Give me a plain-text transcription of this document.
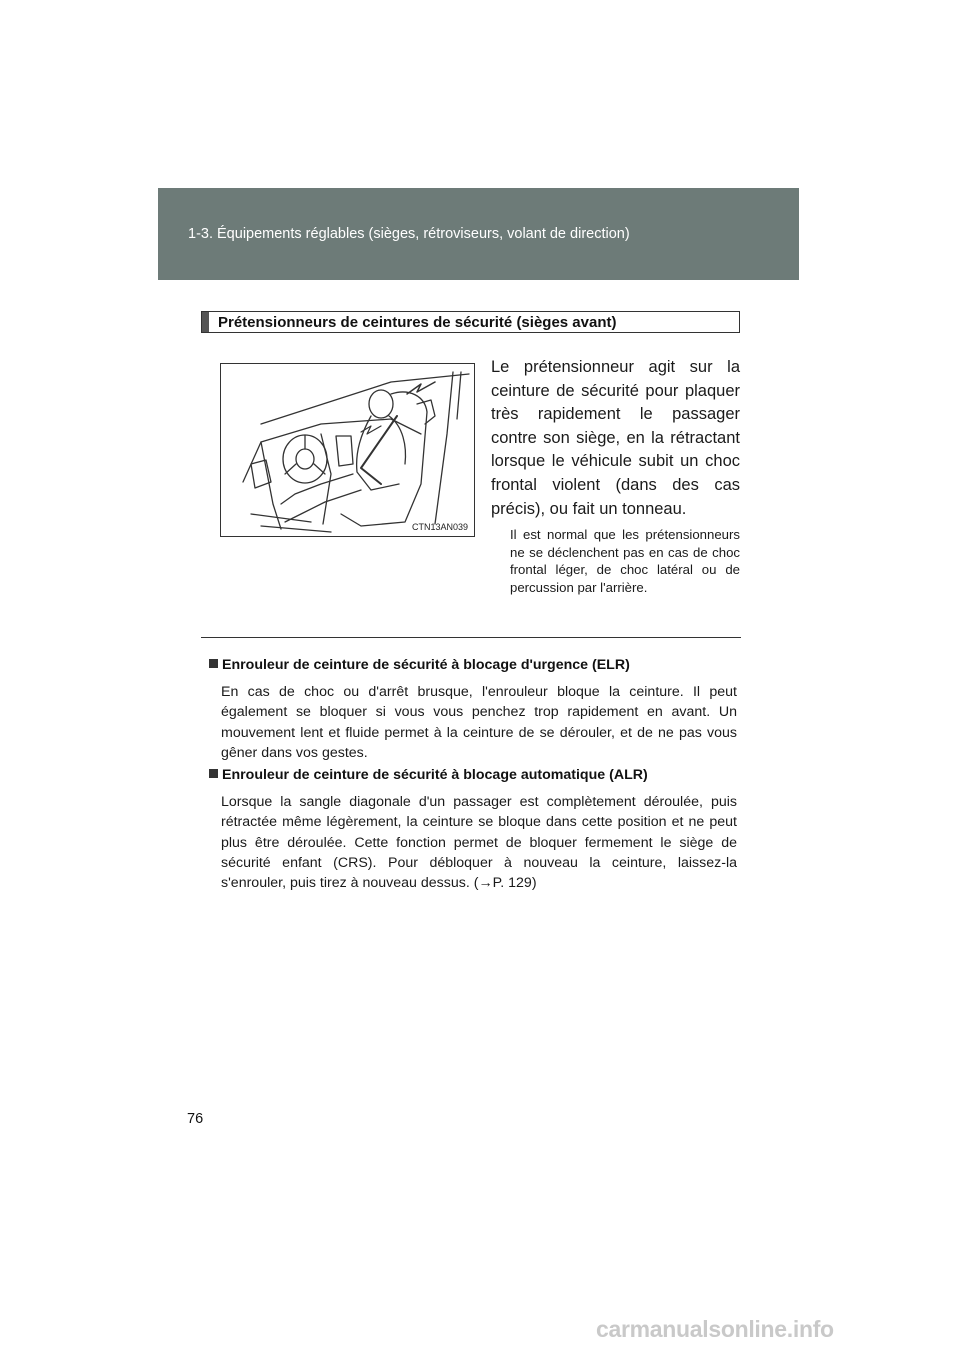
1-3. Équipements réglables (sièges, rétroviseurs, volant de direction)
Prétensionneurs de ceintures de sécurité (sièges avant)
CTN13AN039
Le prétensionneur agit sur la ceinture de sécurité pour plaquer très rapidement le passager contre son siège, en la rétractant lorsque le véhicule subit un choc frontal violent (dans des cas précis), ou fait un tonneau.
Il est normal que les prétensionneurs ne se déclenchent pas en cas de choc frontal léger, de choc latéral ou de percussion par l'arrière.
Enrouleur de ceinture de sécurité à blocage d'urgence (ELR)
En cas de choc ou d'arrêt brusque, l'enrouleur bloque la ceinture. Il peut également se bloquer si vous vous penchez trop rapidement en avant. Un mouvement lent et fluide permet à la ceinture de se dérouler, et de ne pas vous gêner dans vos gestes.
Enrouleur de ceinture de sécurité à blocage automatique (ALR)
Lorsque la sangle diagonale d'un passager est complètement déroulée, puis rétractée même légèrement, la ceinture se bloque dans cette position et ne peut plus être déroulée. Cette fonction permet de bloquer fermement le siège de sécurité enfant (CRS). Pour débloquer à nouveau la ceinture, laissez-la s'enrouler, puis tirez à nouveau dessus. (→P. 129)
76
carmanualsonline.info
